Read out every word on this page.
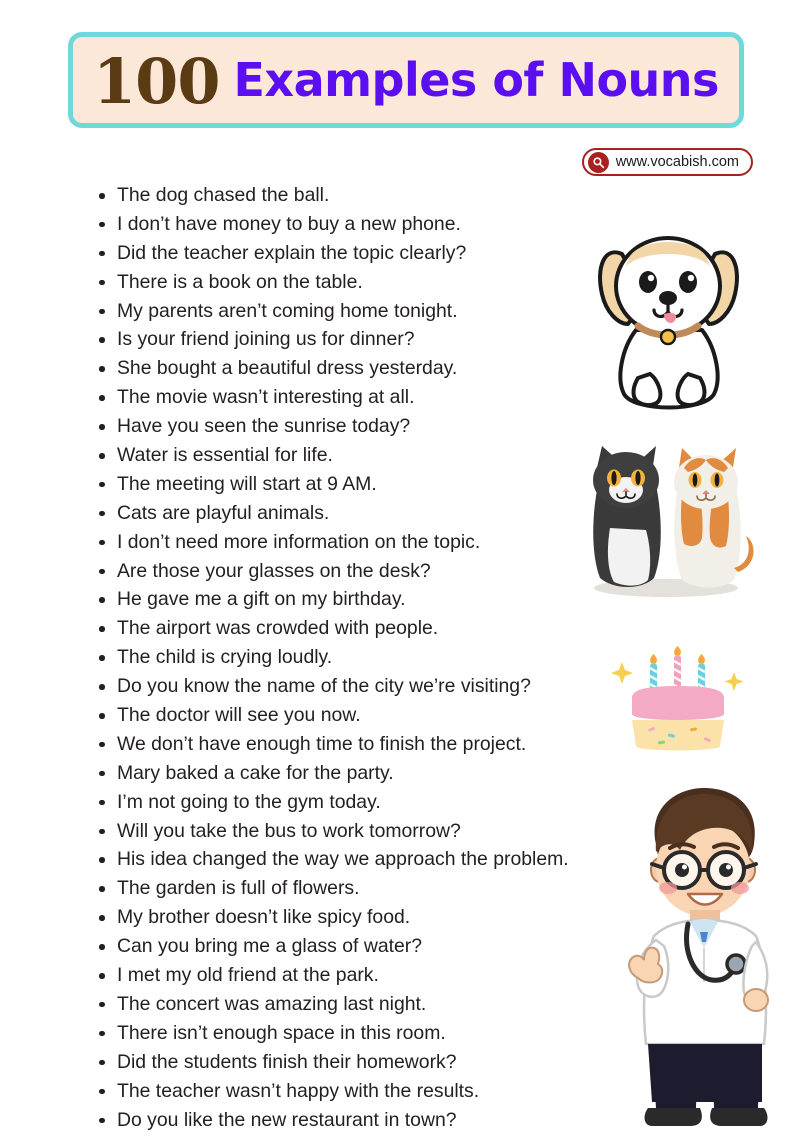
100 Examples of Nouns
www.vocabish.com
The dog chased the ball.
I don’t have money to buy a new phone.
Did the teacher explain the topic clearly?
There is a book on the table.
My parents aren’t coming home tonight.
Is your friend joining us for dinner?
She bought a beautiful dress yesterday.
The movie wasn’t interesting at all.
Have you seen the sunrise today?
Water is essential for life.
The meeting will start at 9 AM.
Cats are playful animals.
I don’t need more information on the topic.
Are those your glasses on the desk?
He gave me a gift on my birthday.
The airport was crowded with people.
The child is crying loudly.
Do you know the name of the city we’re visiting?
The doctor will see you now.
We don’t have enough time to finish the project.
Mary baked a cake for the party.
I’m not going to the gym today.
Will you take the bus to work tomorrow?
His idea changed the way we approach the problem.
The garden is full of flowers.
My brother doesn’t like spicy food.
Can you bring me a glass of water?
I met my old friend at the park.
The concert was amazing last night.
There isn’t enough space in this room.
Did the students finish their homework?
The teacher wasn’t happy with the results.
Do you like the new restaurant in town?
